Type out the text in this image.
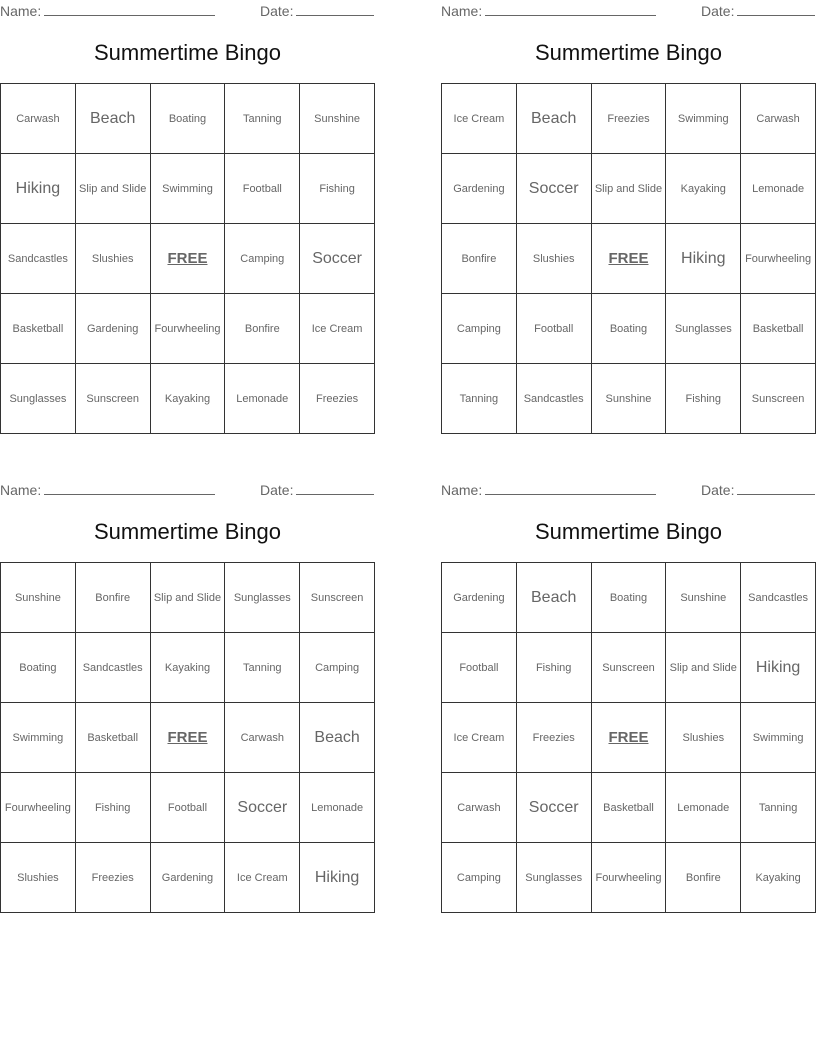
Name:	Date:
Summertime Bingo
Carwash	Beach	Boating	Tanning	Sunshine
Hiking	Slip and Slide	Swimming	Football	Fishing
Sandcastles	Slushies	FREE	Camping	Soccer
Basketball	Gardening	Fourwheeling	Bonfire	Ice Cream
Sunglasses	Sunscreen	Kayaking	Lemonade	Freezies
Name:	Date:
Summertime Bingo
Ice Cream	Beach	Freezies	Swimming	Carwash
Gardening	Soccer	Slip and Slide	Kayaking	Lemonade
Bonfire	Slushies	FREE	Hiking	Fourwheeling
Camping	Football	Boating	Sunglasses	Basketball
Tanning	Sandcastles	Sunshine	Fishing	Sunscreen
Name:	Date:
Summertime Bingo
Sunshine	Bonfire	Slip and Slide	Sunglasses	Sunscreen
Boating	Sandcastles	Kayaking	Tanning	Camping
Swimming	Basketball	FREE	Carwash	Beach
Fourwheeling	Fishing	Football	Soccer	Lemonade
Slushies	Freezies	Gardening	Ice Cream	Hiking
Name:	Date:
Summertime Bingo
Gardening	Beach	Boating	Sunshine	Sandcastles
Football	Fishing	Sunscreen	Slip and Slide	Hiking
Ice Cream	Freezies	FREE	Slushies	Swimming
Carwash	Soccer	Basketball	Lemonade	Tanning
Camping	Sunglasses	Fourwheeling	Bonfire	Kayaking
